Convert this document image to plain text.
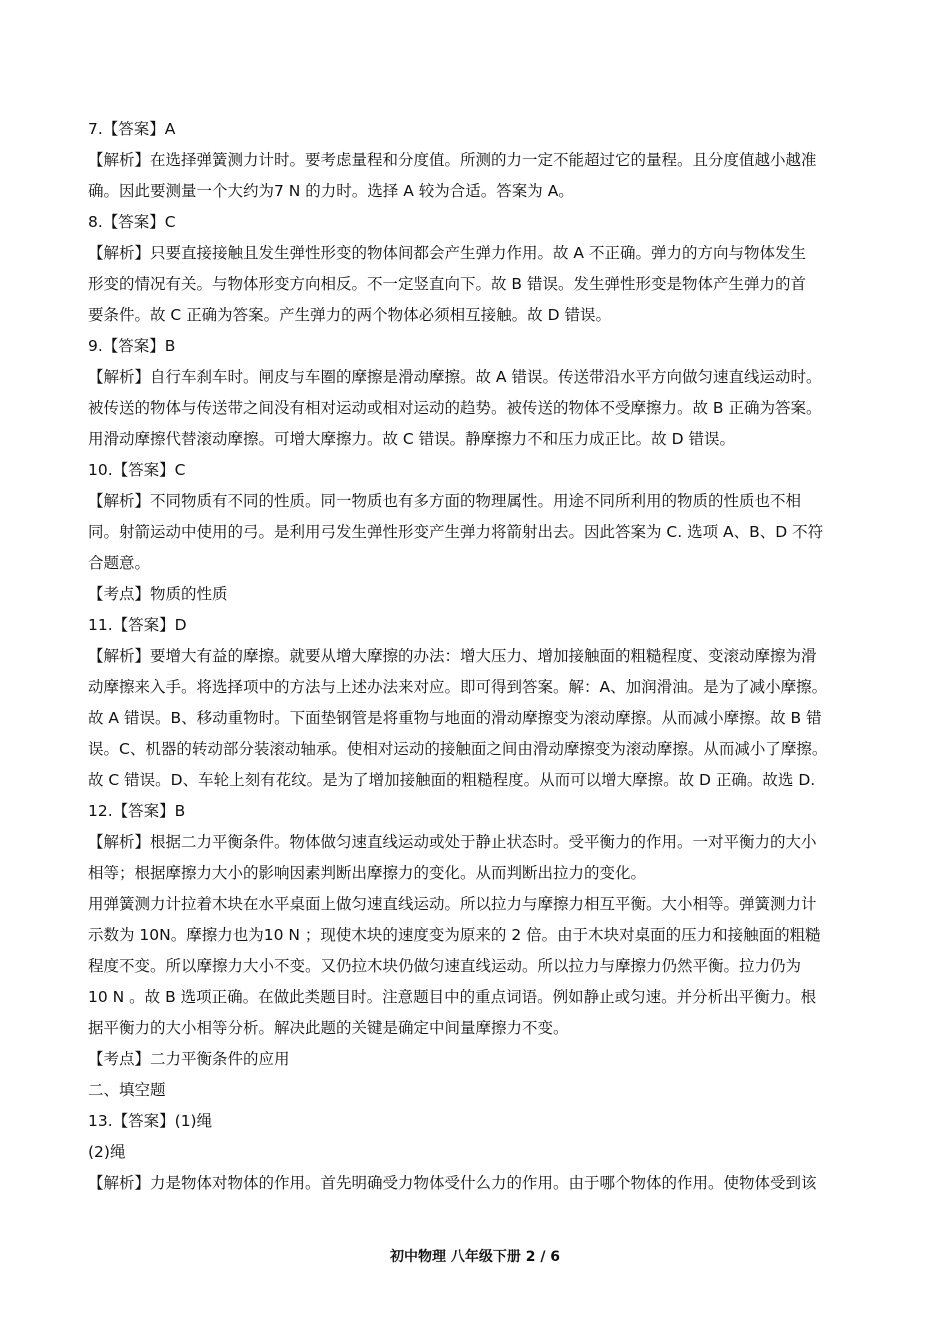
7.【答案】A
【解析】在选择弹簧测力计时。要考虑量程和分度值。所测的力一定不能超过它的量程。且分度值越小越准
确。因此要测量一个大约为7 N 的力时。选择 A 较为合适。答案为 A。
8.【答案】C
【解析】只要直接接触且发生弹性形变的物体间都会产生弹力作用。故 A 不正确。弹力的方向与物体发生
形变的情况有关。与物体形变方向相反。不一定竖直向下。故 B 错误。发生弹性形变是物体产生弹力的首
要条件。故 C 正确为答案。产生弹力的两个物体必须相互接触。故 D 错误。
9.【答案】B
【解析】自行车刹车时。闸皮与车圈的摩擦是滑动摩擦。故 A 错误。传送带沿水平方向做匀速直线运动时。
被传送的物体与传送带之间没有相对运动或相对运动的趋势。被传送的物体不受摩擦力。故 B 正确为答案。
用滑动摩擦代替滚动摩擦。可增大摩擦力。故 C 错误。静摩擦力不和压力成正比。故 D 错误。
10.【答案】C
【解析】不同物质有不同的性质。同一物质也有多方面的物理属性。用途不同所利用的物质的性质也不相
同。射箭运动中使用的弓。是利用弓发生弹性形变产生弹力将箭射出去。因此答案为 C. 选项 A、B、D 不符
合题意。
【考点】物质的性质
11.【答案】D
【解析】要增大有益的摩擦。就要从增大摩擦的办法：增大压力、增加接触面的粗糙程度、变滚动摩擦为滑
动摩擦来入手。将选择项中的方法与上述办法来对应。即可得到答案。解：A、加润滑油。是为了减小摩擦。
故 A 错误。B、移动重物时。下面垫钢管是将重物与地面的滑动摩擦变为滚动摩擦。从而减小摩擦。故 B 错
误。C、机器的转动部分装滚动轴承。使相对运动的接触面之间由滑动摩擦变为滚动摩擦。从而减小了摩擦。
故 C 错误。D、车轮上刻有花纹。是为了增加接触面的粗糙程度。从而可以增大摩擦。故 D 正确。故选 D.
12.【答案】B
【解析】根据二力平衡条件。物体做匀速直线运动或处于静止状态时。受平衡力的作用。一对平衡力的大小
相等；根据摩擦力大小的影响因素判断出摩擦力的变化。从而判断出拉力的变化。
用弹簧测力计拉着木块在水平桌面上做匀速直线运动。所以拉力与摩擦力相互平衡。大小相等。弹簧测力计
示数为 10N。摩擦力也为10 N ；现使木块的速度变为原来的 2 倍。由于木块对桌面的压力和接触面的粗糙
程度不变。所以摩擦力大小不变。又仍拉木块仍做匀速直线运动。所以拉力与摩擦力仍然平衡。拉力仍为
10 N 。故 B 选项正确。在做此类题目时。注意题目中的重点词语。例如静止或匀速。并分析出平衡力。根
据平衡力的大小相等分析。解决此题的关键是确定中间量摩擦力不变。
【考点】二力平衡条件的应用
二、填空题
13.【答案】(1)绳
(2)绳
【解析】力是物体对物体的作用。首先明确受力物体受什么力的作用。由于哪个物体的作用。使物体受到该
初中物理 八年级下册 2 / 6
